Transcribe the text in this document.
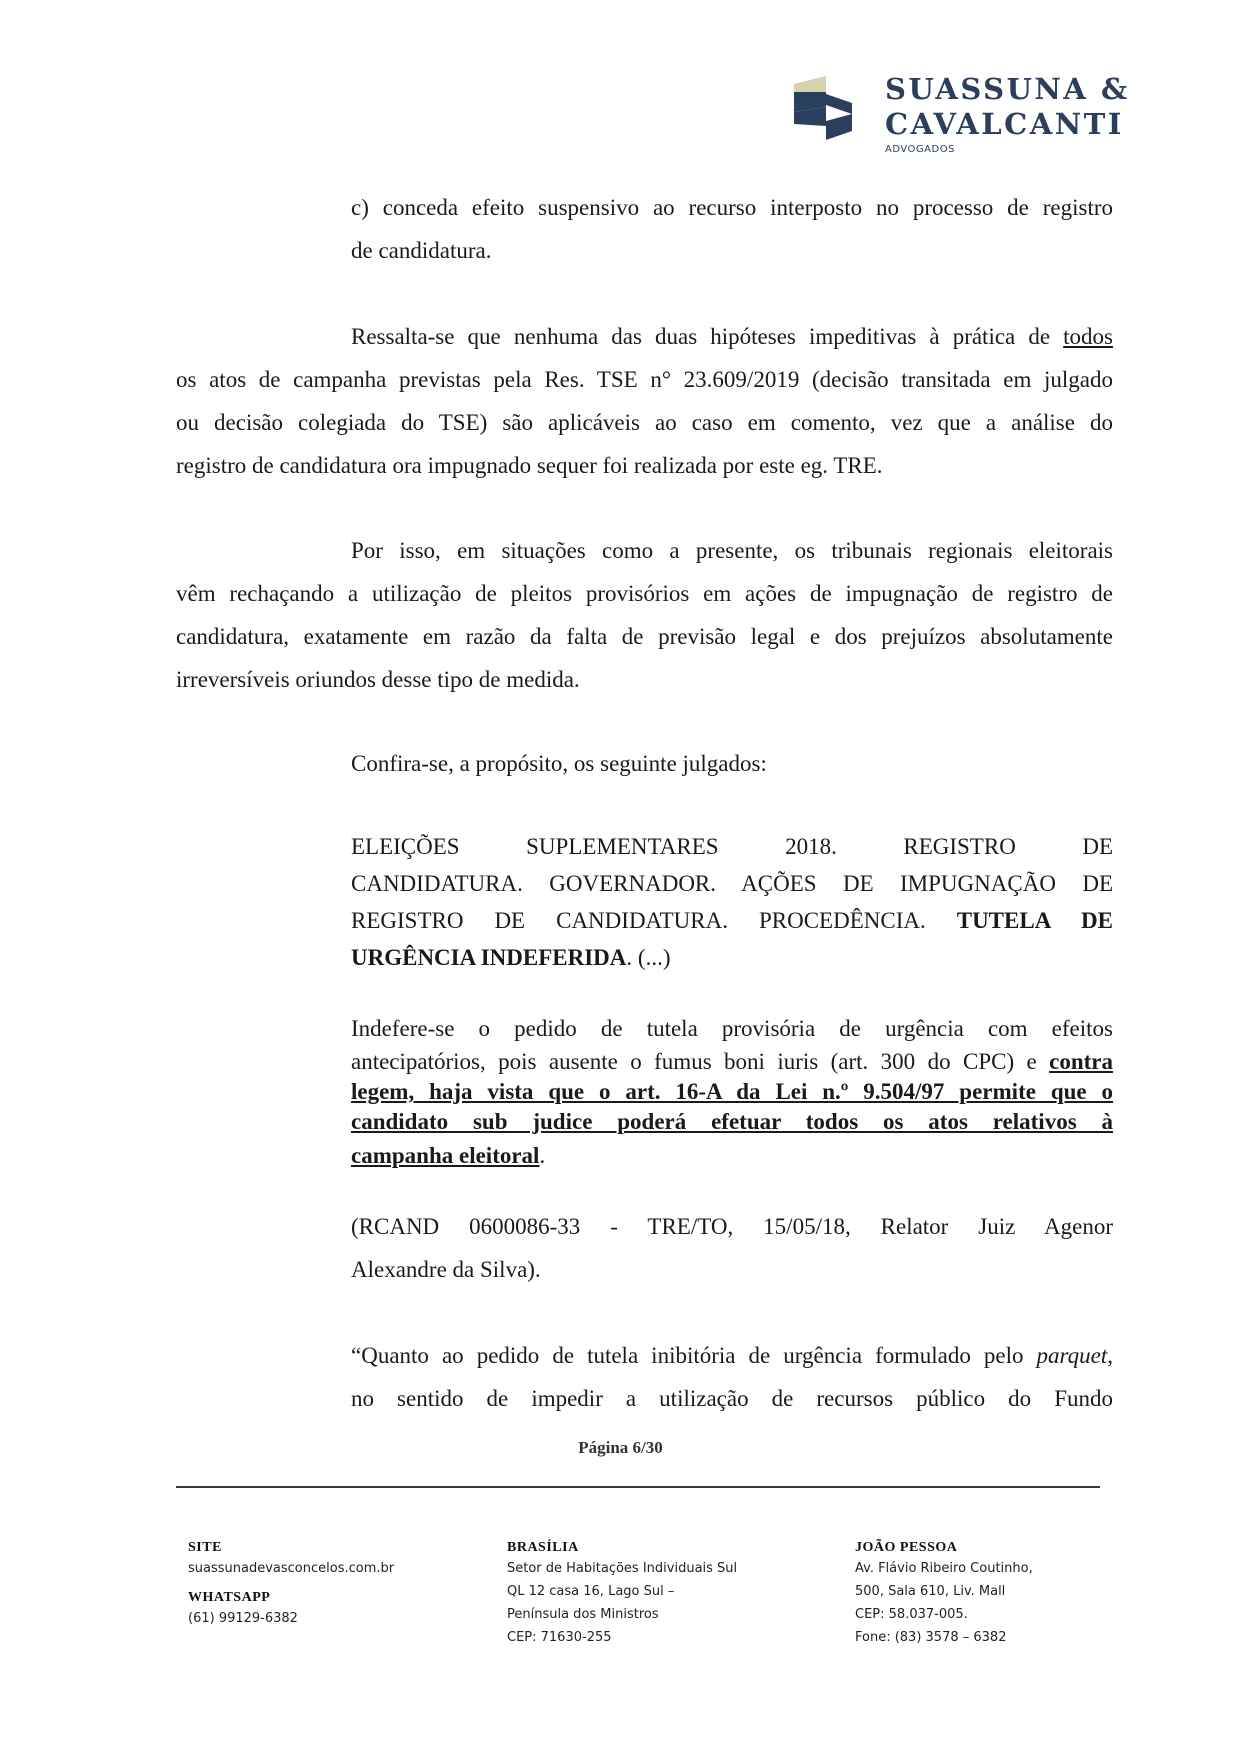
SUASSUNA &
CAVALCANTI
ADVOGADOS
c) conceda efeito suspensivo ao recurso interposto no processo de registro
de candidatura.
Ressalta-se que nenhuma das duas hipóteses impeditivas à prática de todos
os atos de campanha previstas pela Res. TSE n° 23.609/2019 (decisão transitada em julgado
ou decisão colegiada do TSE) são aplicáveis ao caso em comento, vez que a análise do
registro de candidatura ora impugnado sequer foi realizada por este eg. TRE.
Por isso, em situações como a presente, os tribunais regionais eleitorais
vêm rechaçando a utilização de pleitos provisórios em ações de impugnação de registro de
candidatura, exatamente em razão da falta de previsão legal e dos prejuízos absolutamente
irreversíveis oriundos desse tipo de medida.
Confira-se, a propósito, os seguinte julgados:
ELEIÇÕES SUPLEMENTARES 2018. REGISTRO DE
CANDIDATURA. GOVERNADOR. AÇÕES DE IMPUGNAÇÃO DE
REGISTRO DE CANDIDATURA. PROCEDÊNCIA. TUTELA DE
URGÊNCIA INDEFERIDA. (...)
Indefere-se o pedido de tutela provisória de urgência com efeitos
antecipatórios, pois ausente o fumus boni iuris (art. 300 do CPC) e contra
legem, haja vista que o art. 16-A da Lei n.º 9.504/97 permite que o
candidato sub judice poderá efetuar todos os atos relativos à
campanha eleitoral.
(RCAND 0600086-33 - TRE/TO, 15/05/18, Relator Juiz Agenor
Alexandre da Silva).
“Quanto ao pedido de tutela inibitória de urgência formulado pelo parquet,
no sentido de impedir a utilização de recursos público do Fundo
Página 6/30
SITE
suassunadevasconcelos.com.br
WHATSAPP
(61) 99129-6382
BRASÍLIA
Setor de Habitações Individuais Sul
QL 12 casa 16, Lago Sul –
Península dos Ministros
CEP: 71630-255
JOÃO PESSOA
Av. Flávio Ribeiro Coutinho,
500, Sala 610, Liv. Mall
CEP: 58.037-005.
Fone: (83) 3578 – 6382
